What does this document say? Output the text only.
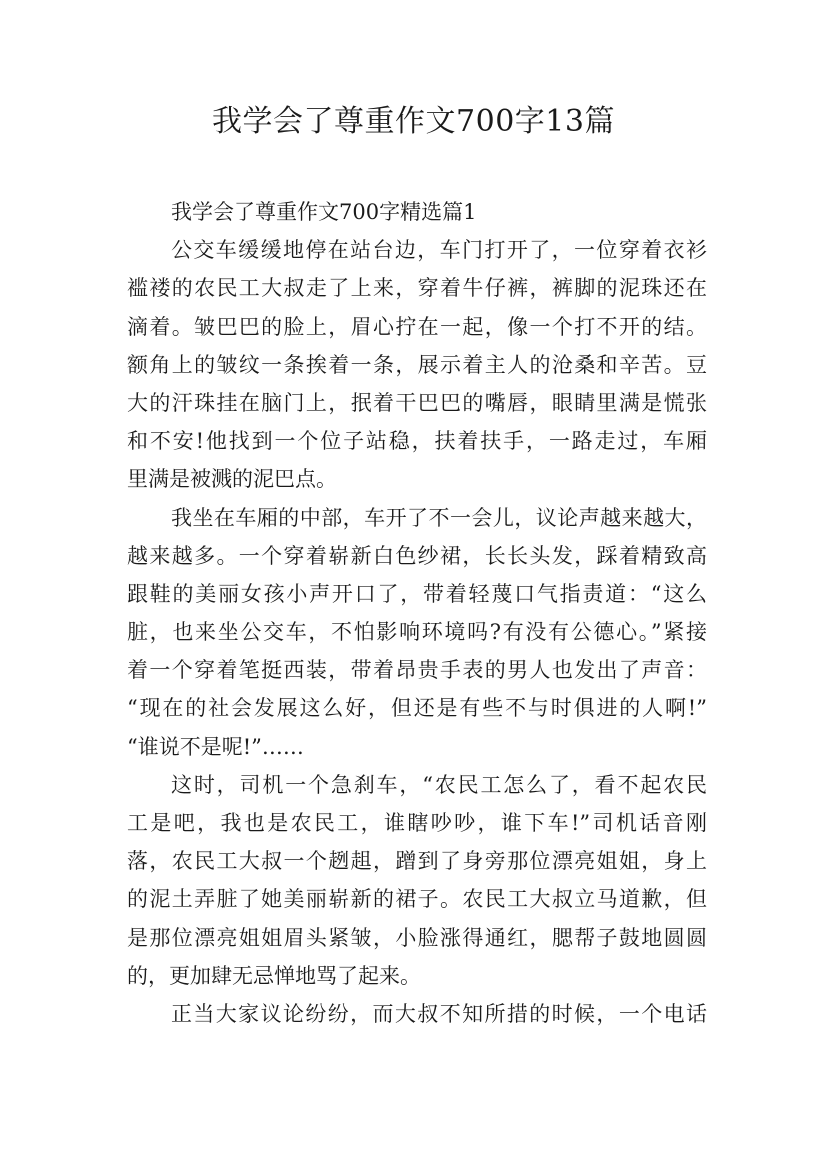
我学会了尊重作文700字13篇
我学会了尊重作文700字精选篇1
公交车缓缓地停在站台边，车门打开了，一位穿着衣衫
褴褛的农民工大叔走了上来，穿着牛仔裤，裤脚的泥珠还在
滴着。皱巴巴的脸上，眉心拧在一起，像一个打不开的结。
额角上的皱纹一条挨着一条，展示着主人的沧桑和辛苦。豆
大的汗珠挂在脑门上，抿着干巴巴的嘴唇，眼睛里满是慌张
和不安!他找到一个位子站稳，扶着扶手，一路走过，车厢
里满是被溅的泥巴点。
我坐在车厢的中部，车开了不一会儿，议论声越来越大，
越来越多。一个穿着崭新白色纱裙，长长头发，踩着精致高
跟鞋的美丽女孩小声开口了，带着轻蔑口气指责道：“这么
脏，也来坐公交车，不怕影响环境吗?有没有公德心。”紧接
着一个穿着笔挺西装，带着昂贵手表的男人也发出了声音：
“现在的社会发展这么好，但还是有些不与时俱进的人啊!”
“谁说不是呢!”……
这时，司机一个急刹车，“农民工怎么了，看不起农民
工是吧，我也是农民工，谁瞎吵吵，谁下车!”司机话音刚
落，农民工大叔一个趔趄，蹭到了身旁那位漂亮姐姐，身上
的泥土弄脏了她美丽崭新的裙子。农民工大叔立马道歉，但
是那位漂亮姐姐眉头紧皱，小脸涨得通红，腮帮子鼓地圆圆
的，更加肆无忌惮地骂了起来。
正当大家议论纷纷，而大叔不知所措的时候，一个电话
